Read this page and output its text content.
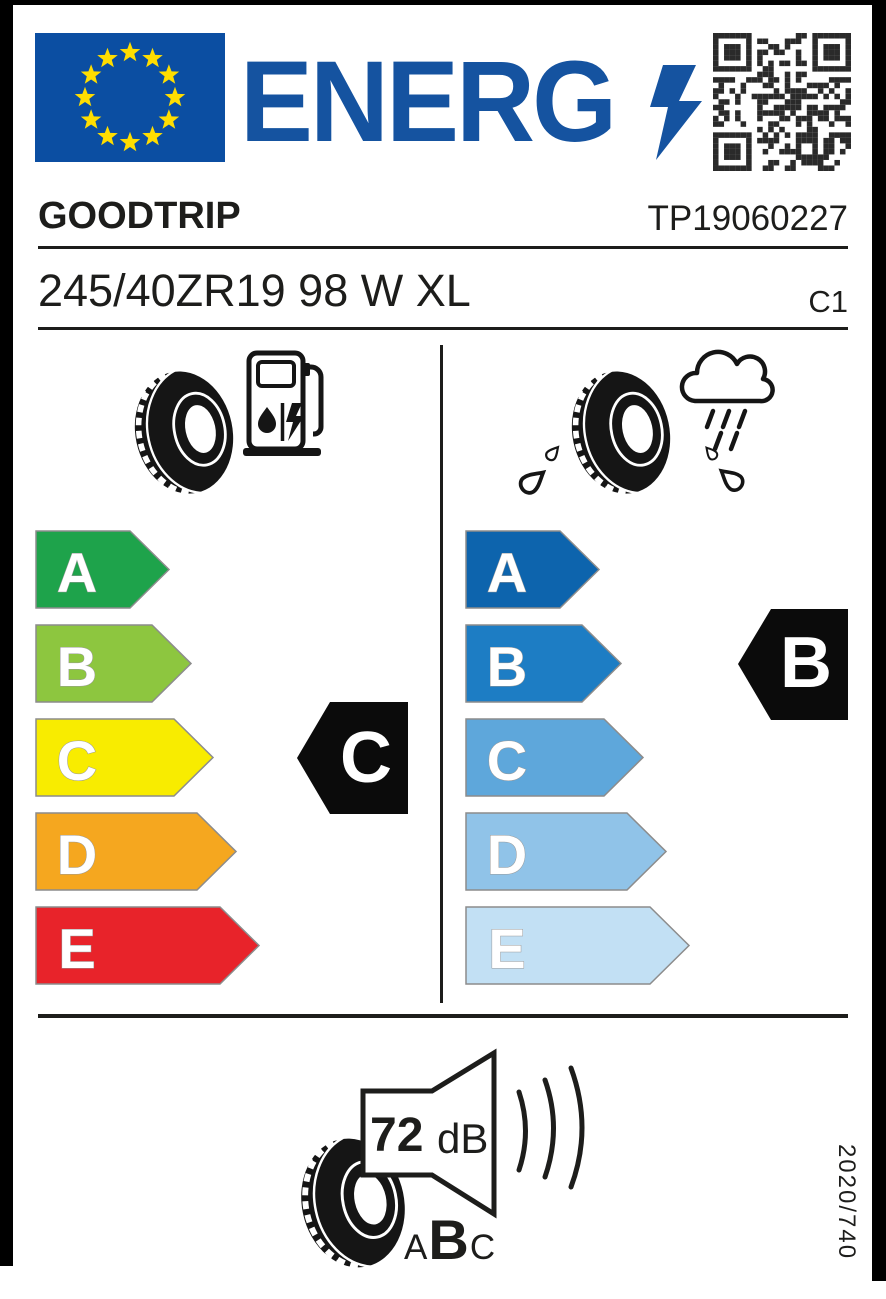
ENERG
GOODTRIP	TP19060227
245/40ZR19 98 W XL	C1
A
B
C
D
E
C
A
B
C
D
E
B
72 dB
A B C	2020/740
